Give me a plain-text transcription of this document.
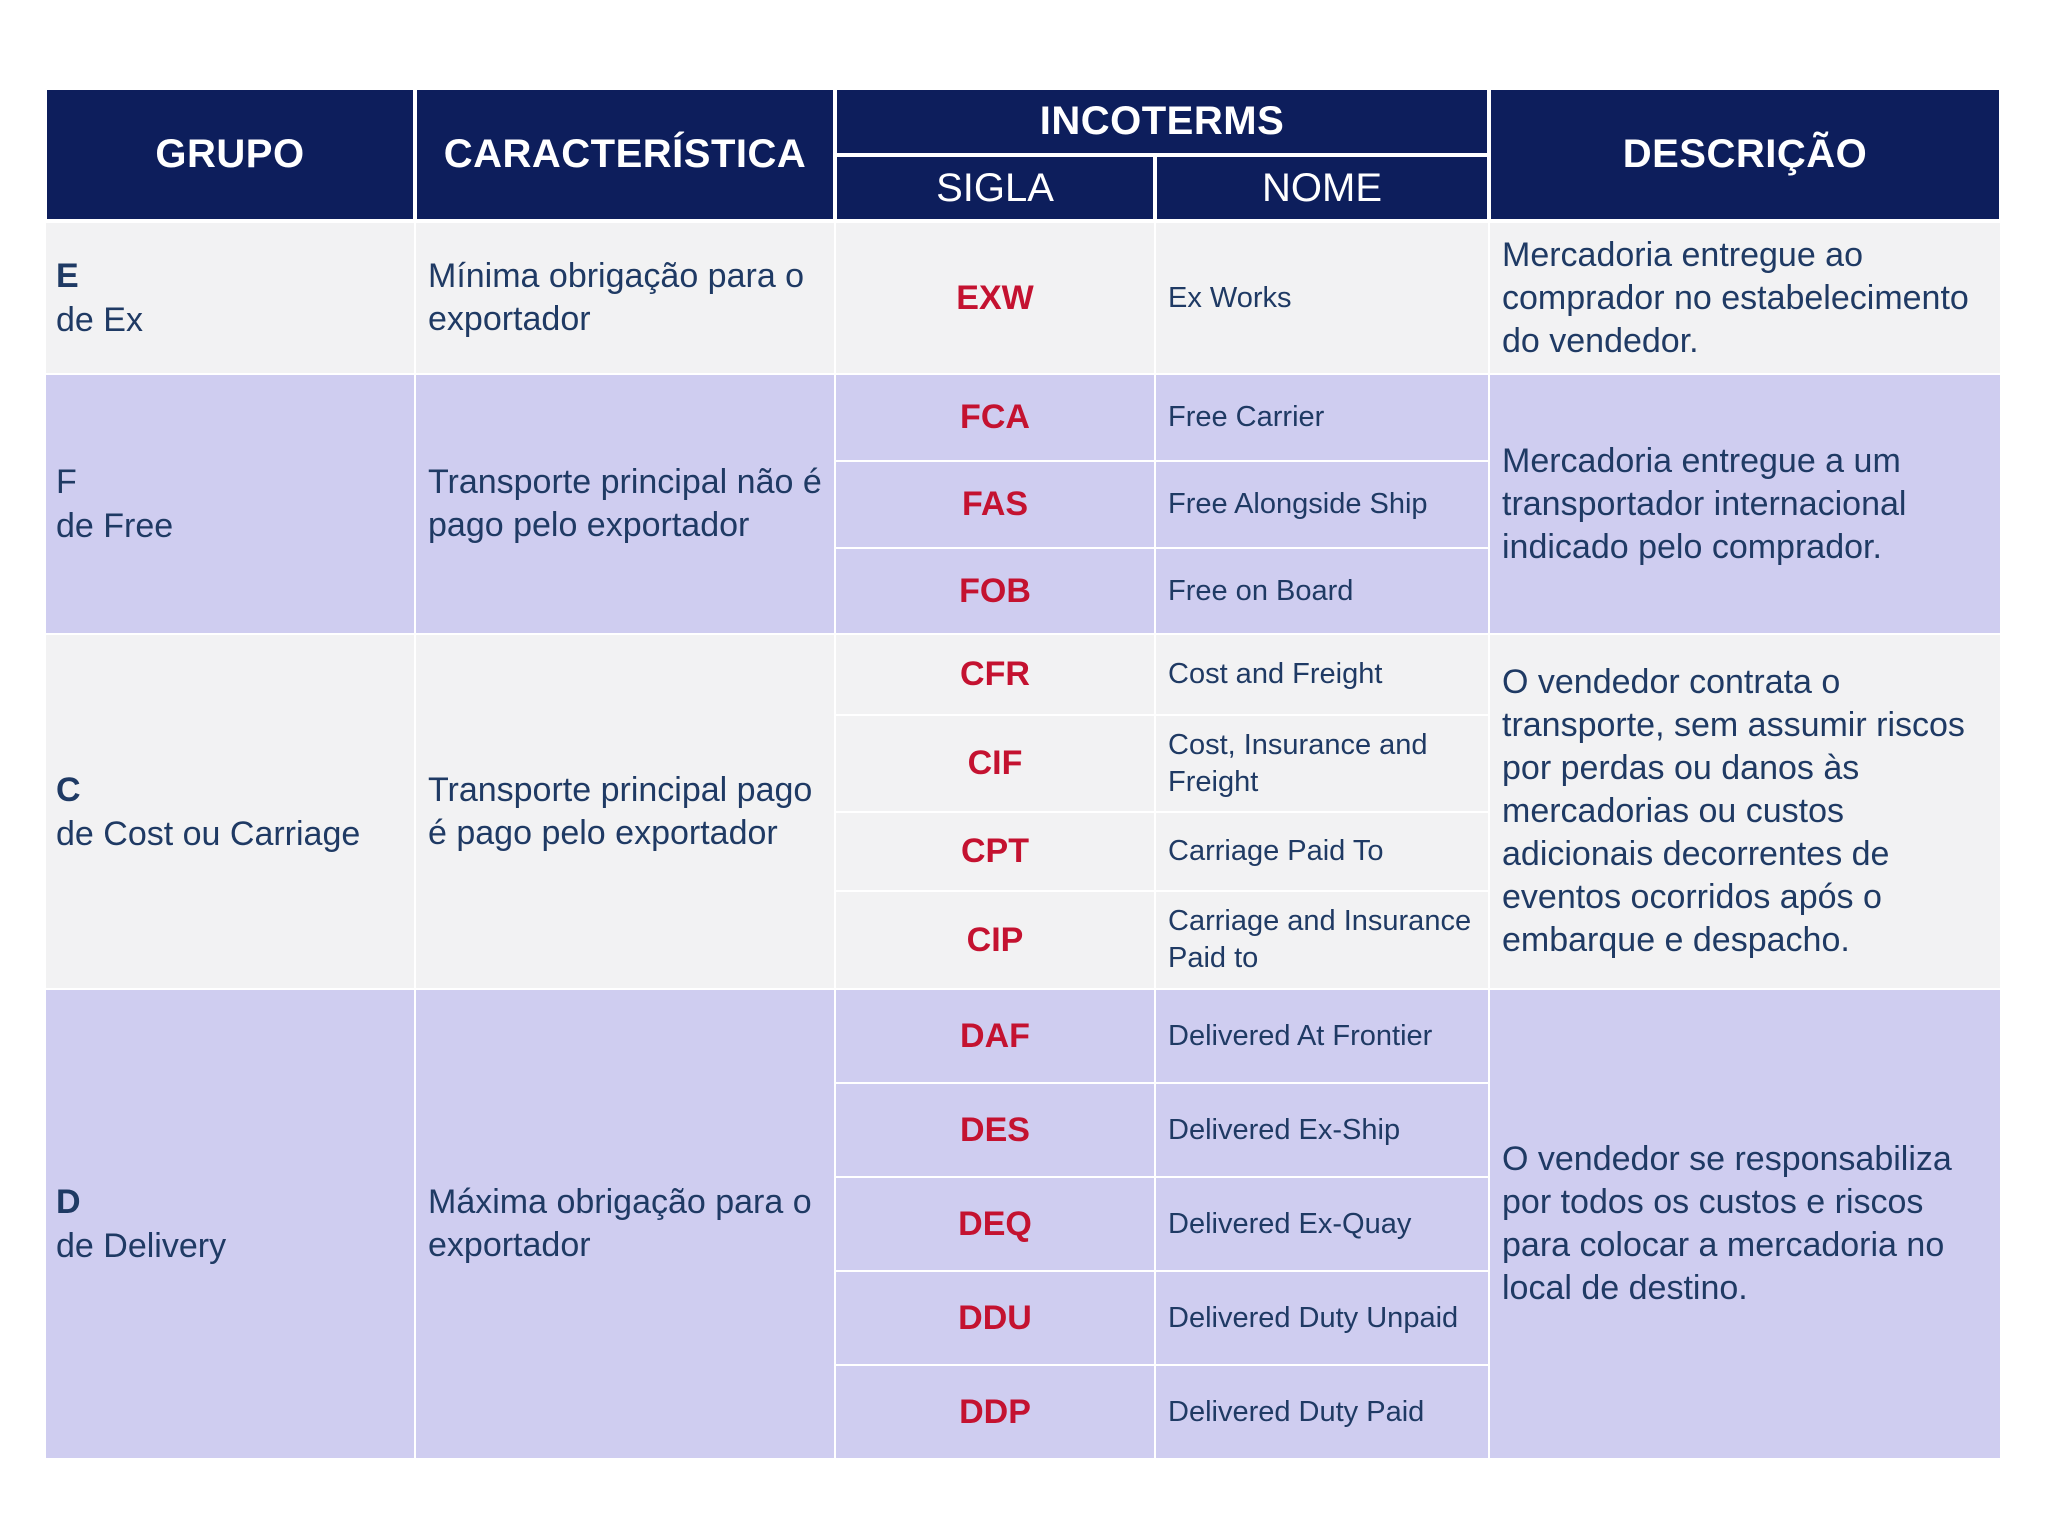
GRUPO	CARACTERÍSTICA	INCOTERMS		DESCRIÇÃO
		SIGLA	NOME	

E
de Ex	Mínima obrigação para o exportador	EXW	Ex Works	Mercadoria entregue ao comprador no estabelecimento do vendedor.

F
de Free	Transporte principal não é pago pelo exportador	FCA	Free Carrier	Mercadoria entregue a um transportador internacional indicado pelo comprador.
		FAS	Free Alongside Ship	
		FOB	Free on Board	

C
de Cost ou Carriage	Transporte principal pago é pago pelo exportador	CFR	Cost and Freight	O vendedor contrata o transporte, sem assumir riscos por perdas ou danos às mercadorias ou custos adicionais decorrentes de eventos ocorridos após o embarque e despacho.
		CIF	Cost, Insurance and Freight	
		CPT	Carriage Paid To	
		CIP	Carriage and Insurance Paid to	

D
de Delivery	Máxima obrigação para o exportador	DAF	Delivered At Frontier	O vendedor se responsabiliza por todos os custos e riscos para colocar a mercadoria no local de destino.
		DES	Delivered Ex-Ship	
		DEQ	Delivered Ex-Quay	
		DDU	Delivered Duty Unpaid	
		DDP	Delivered Duty Paid	
